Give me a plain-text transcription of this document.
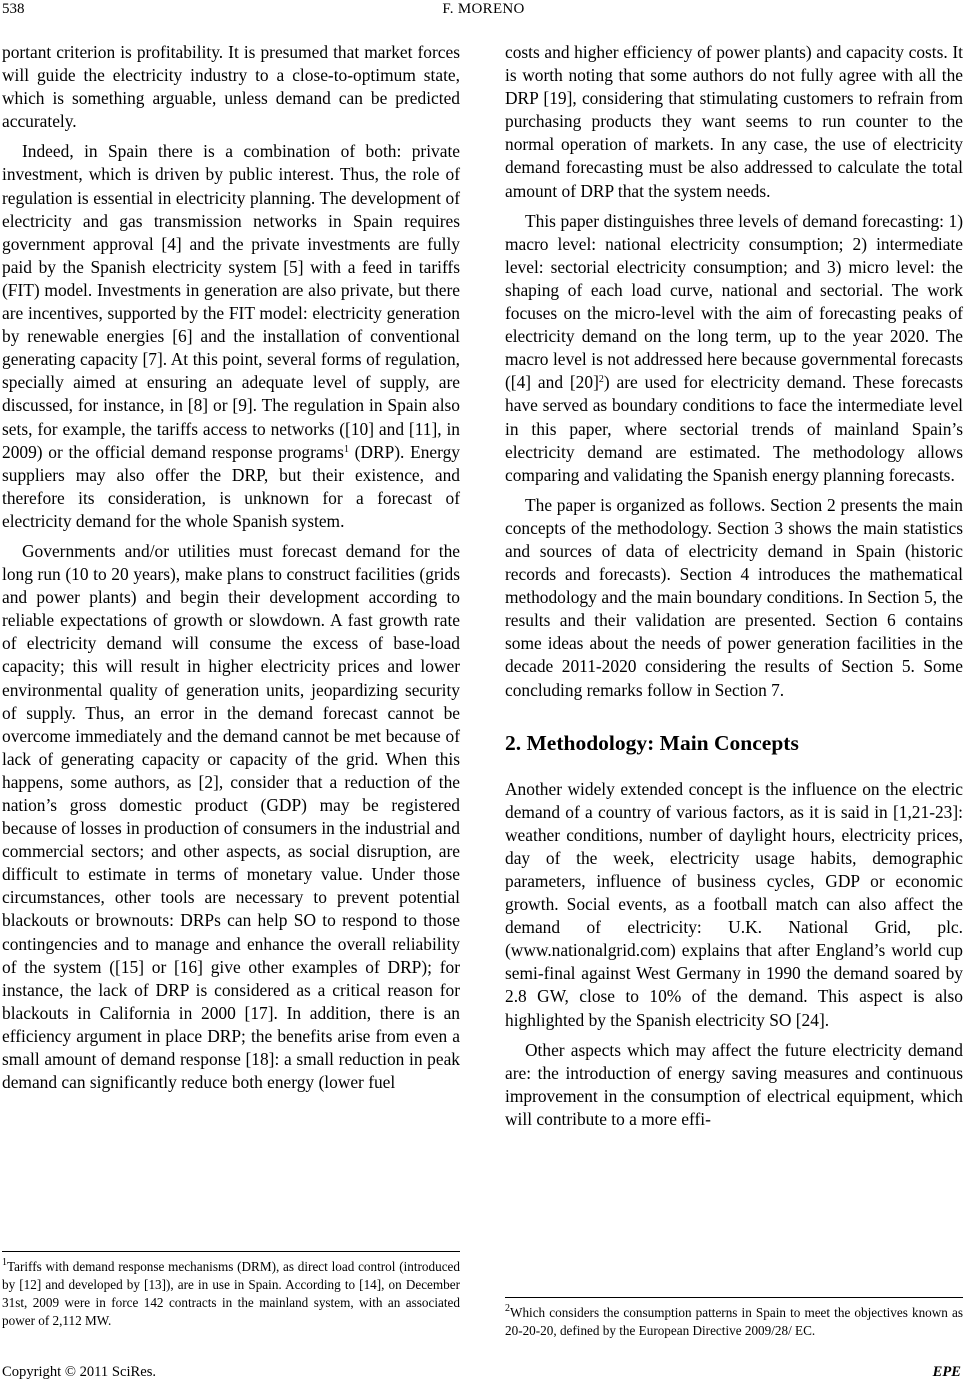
538	F. MORENO

portant criterion is profitability. It is presumed that market forces will guide the electricity industry to a close-to-optimum state, which is something arguable, unless demand can be predicted accurately.

Indeed, in Spain there is a combination of both: private investment, which is driven by public interest. Thus, the role of regulation is essential in electricity planning. The development of electricity and gas transmission networks in Spain requires government approval [4] and the private investments are fully paid by the Spanish electricity system [5] with a feed in tariffs (FIT) model. Investments in generation are also private, but there are incentives, supported by the FIT model: electricity generation by renewable energies [6] and the installation of conventional generating capacity [7]. At this point, several forms of regulation, specially aimed at ensuring an adequate level of supply, are discussed, for instance, in [8] or [9]. The regulation in Spain also sets, for example, the tariffs access to networks ([10] and [11], in 2009) or the official demand response programs$^1$ (DRP). Energy suppliers may also offer the DRP, but their existence, and therefore its consideration, is unknown for a forecast of electricity demand for the whole Spanish system.

Governments and/or utilities must forecast demand for the long run (10 to 20 years), make plans to construct facilities (grids and power plants) and begin their development according to reliable expectations of growth or slowdown. A fast growth rate of electricity demand will consume the excess of base-load capacity; this will result in higher electricity prices and lower environmental quality of generation units, jeopardizing security of supply. Thus, an error in the demand forecast cannot be overcome immediately and the demand cannot be met because of lack of generating capacity or capacity of the grid. When this happens, some authors, as [2], consider that a reduction of the nation’s gross domestic product (GDP) may be registered because of losses in production of consumers in the industrial and commercial sectors; and other aspects, as social disruption, are difficult to estimate in terms of monetary value. Under those circumstances, other tools are necessary to prevent potential blackouts or brownouts: DRPs can help SO to respond to those contingencies and to manage and enhance the overall reliability of the system ([15] or [16] give other examples of DRP); for instance, the lack of DRP is considered as a critical reason for blackouts in California in 2000 [17]. In addition, there is an efficiency argument in place DRP; the benefits arise from even a small amount of demand response [18]: a small reduction in peak demand can significantly reduce both energy (lower fuel

costs and higher efficiency of power plants) and capacity costs. It is worth noting that some authors do not fully agree with all the DRP [19], considering that stimulating customers to refrain from purchasing products they want seems to run counter to the normal operation of markets. In any case, the use of electricity demand forecasting must be also addressed to calculate the total amount of DRP that the system needs.

This paper distinguishes three levels of demand forecasting: 1) macro level: national electricity consumption; 2) intermediate level: sectorial electricity consumption; and 3) micro level: the shaping of each load curve, national and sectorial. The work focuses on the micro-level with the aim of forecasting peaks of electricity demand on the long term, up to the year 2020. The macro level is not addressed here because governmental forecasts ([4] and $[20]^2$) are used for electricity demand. These forecasts have served as boundary conditions to face the intermediate level in this paper, where sectorial trends of mainland Spain’s electricity demand are estimated. The methodology allows comparing and validating the Spanish energy planning forecasts.

The paper is organized as follows. Section 2 presents the main concepts of the methodology. Section 3 shows the main statistics and sources of data of electricity demand in Spain (historic records and forecasts). Section 4 introduces the mathematical methodology and the main boundary conditions. In Section 5, the results and their validation are presented. Section 6 contains some ideas about the needs of power generation facilities in the decade 2011-2020 considering the results of Section 5. Some concluding remarks follow in Section 7.

2. Methodology: Main Concepts

Another widely extended concept is the influence on the electric demand of a country of various factors, as it is said in [1,21-23]: weather conditions, number of daylight hours, electricity prices, day of the week, electricity usage habits, demographic parameters, influence of business cycles, GDP or economic growth. Social events, as a football match can also affect the demand of electricity: U.K. National Grid, plc. (www.nationalgrid.com) explains that after England’s world cup semi-final against West Germany in 1990 the demand soared by 2.8 GW, close to 10% of the demand. This aspect is also highlighted by the Spanish electricity SO [24].

Other aspects which may affect the future electricity demand are: the introduction of energy saving measures and continuous improvement in the consumption of electrical equipment, which will contribute to a more effi-

$^1$Tariffs with demand response mechanisms (DRM), as direct load control (introduced by [12] and developed by [13]), are in use in Spain. According to [14], on December 31st, 2009 were in force 142 contracts in the mainland system, with an associated power of 2,112 MW.

$^2$Which considers the consumption patterns in Spain to meet the objectives known as 20-20-20, defined by the European Directive 2009/28/ EC.

Copyright © 2011 SciRes.	EPE
